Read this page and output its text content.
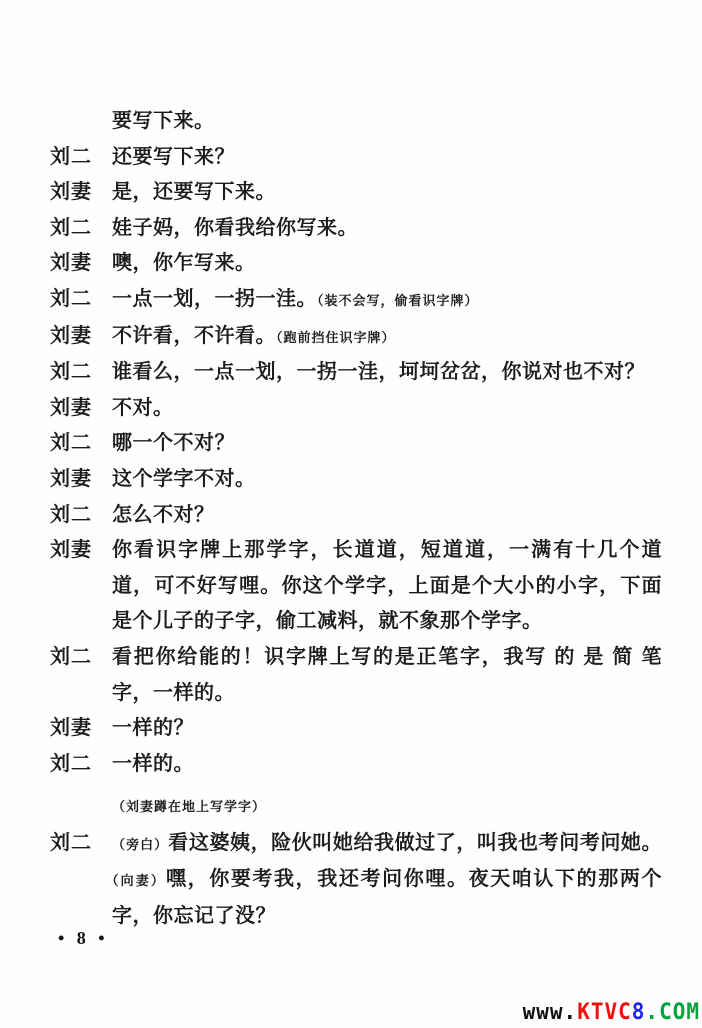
要写下来。
刘二	还要写下来？
刘妻	是，还要写下来。
刘二	娃子妈，你看我给你写来。
刘妻	噢，你乍写来。
刘二	一点一划，一拐一洼。（装不会写，偷看识字牌）
刘妻	不许看，不许看。（跑前挡住识字牌）
刘二	谁看么，一点一划，一拐一洼，坷坷岔岔，你说对也不对？
刘妻	不对。
刘二	哪一个不对？
刘妻	这个学字不对。
刘二	怎么不对？
刘妻	你看识字牌上那学字，长道道，短道道，一满有十几个道道，可不好写哩。你这个学字，上面是个大小的小字，下面是个儿子的子字，偷工减料，就不象那个学字。
刘二	看把你给能的！识字牌上写的是正笔字，我写 的 是 简 笔字，一样的。
刘妻	一样的？
刘二	一样的。
（刘妻蹲在地上写学字）
刘二	（旁白）看这婆姨，险伙叫她给我做过了，叫我也考问考问她。（向妻）嘿，你要考我，我还考问你哩。夜天咱认下的那两个字，你忘记了没？
• 8 •
www.KTVC8.COM
